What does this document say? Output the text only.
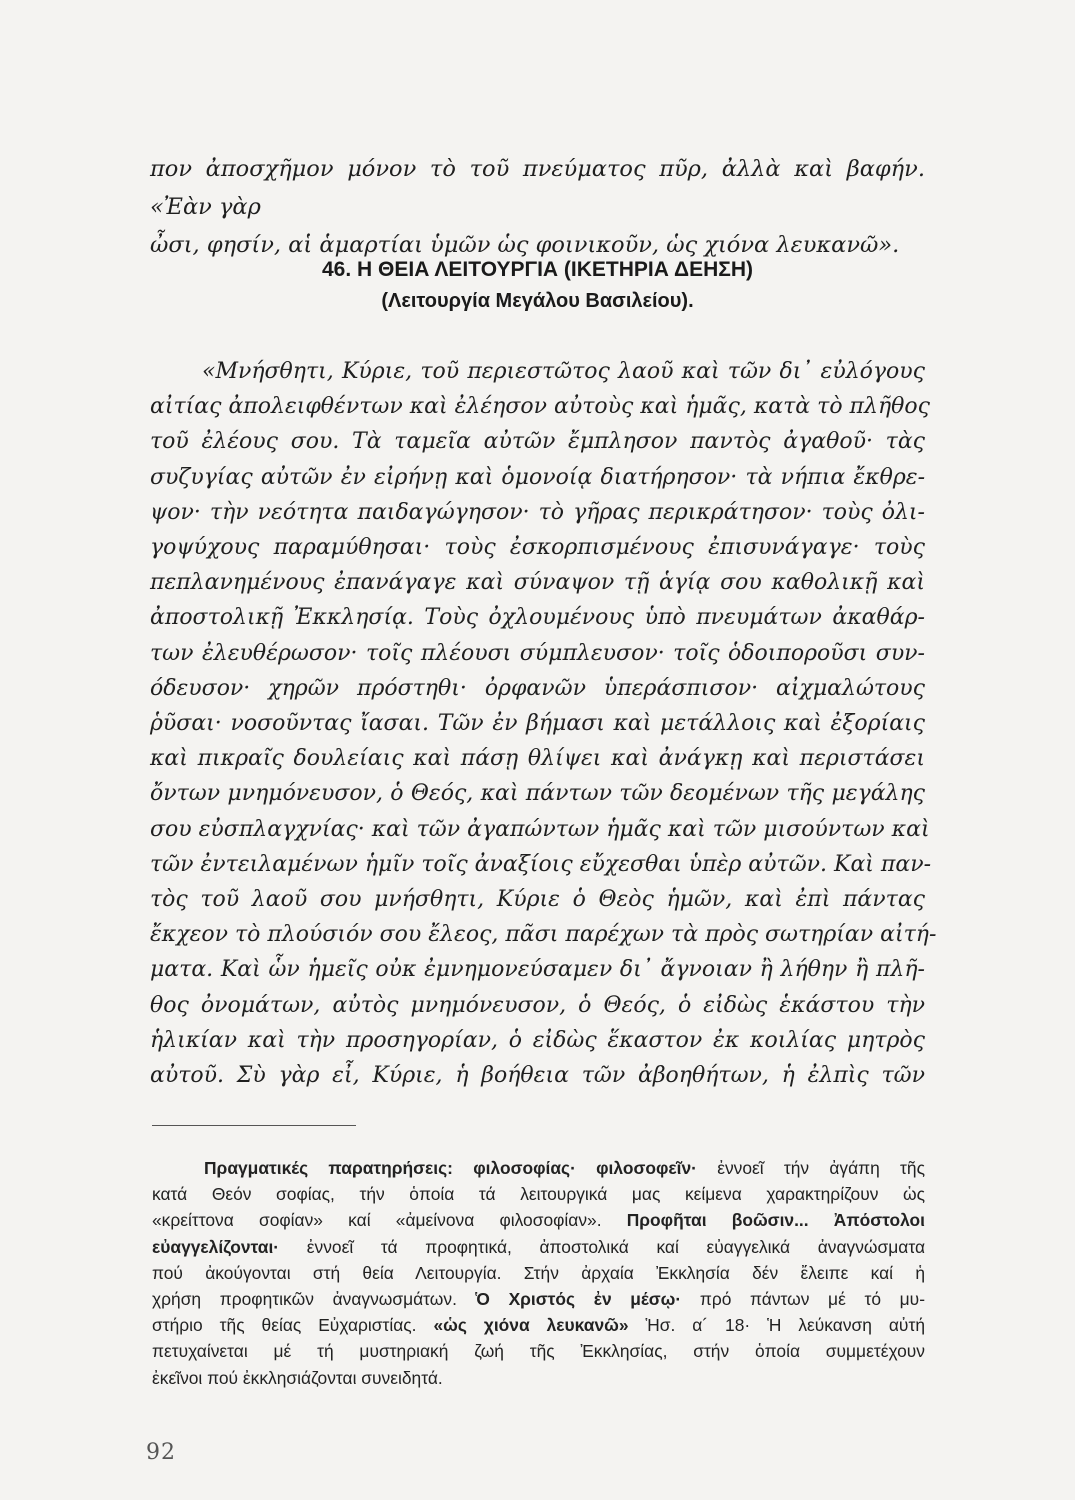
πον ἀποσχῆμον μόνον τὸ τοῦ πνεύματος πῦρ, ἀλλὰ καὶ βαφήν. «Ἐὰν γὰρ
ὦσι, φησίν, αἱ ἁμαρτίαι ὑμῶν ὡς φοινικοῦν, ὡς χιόνα λευκανῶ».
46. Η ΘΕΙΑ ΛΕΙΤΟΥΡΓΙΑ (ΙΚΕΤΗΡΙΑ ΔΕΗΣΗ)
(Λειτουργία Μεγάλου Βασιλείου).
«Μνήσθητι, Κύριε, τοῦ περιεστῶτος λαοῦ καὶ τῶν δι᾿ εὐλόγους
αἰτίας ἀπολειφθέντων καὶ ἐλέησον αὐτοὺς καὶ ἡμᾶς, κατὰ τὸ πλῆθος
τοῦ ἐλέους σου. Τὰ ταμεῖα αὐτῶν ἔμπλησον παντὸς ἀγαθοῦ· τὰς
συζυγίας αὐτῶν ἐν εἰρήνῃ καὶ ὁμονοίᾳ διατήρησον· τὰ νήπια ἔκθρε-
ψον· τὴν νεότητα παιδαγώγησον· τὸ γῆρας περικράτησον· τοὺς ὀλι-
γοψύχους παραμύθησαι· τοὺς ἐσκορπισμένους ἐπισυνάγαγε· τοὺς
πεπλανημένους ἐπανάγαγε καὶ σύναψον τῇ ἁγίᾳ σου καθολικῇ καὶ
ἀποστολικῇ Ἐκκλησίᾳ. Τοὺς ὀχλουμένους ὑπὸ πνευμάτων ἀκαθάρ-
των ἐλευθέρωσον· τοῖς πλέουσι σύμπλευσον· τοῖς ὁδοιποροῦσι συν-
όδευσον· χηρῶν πρόστηθι· ὀρφανῶν ὑπεράσπισον· αἰχμαλώτους
ῥῦσαι· νοσοῦντας ἴασαι. Τῶν ἐν βήμασι καὶ μετάλλοις καὶ ἐξορίαις
καὶ πικραῖς δουλείαις καὶ πάσῃ θλίψει καὶ ἀνάγκῃ καὶ περιστάσει
ὄντων μνημόνευσον, ὁ Θεός, καὶ πάντων τῶν δεομένων τῆς μεγάλης
σου εὐσπλαγχνίας· καὶ τῶν ἀγαπώντων ἡμᾶς καὶ τῶν μισούντων καὶ
τῶν ἐντειλαμένων ἡμῖν τοῖς ἀναξίοις εὔχεσθαι ὑπὲρ αὐτῶν. Καὶ παν-
τὸς τοῦ λαοῦ σου μνήσθητι, Κύριε ὁ Θεὸς ἡμῶν, καὶ ἐπὶ πάντας
ἔκχεον τὸ πλούσιόν σου ἔλεος, πᾶσι παρέχων τὰ πρὸς σωτηρίαν αἰτή-
ματα. Καὶ ὧν ἡμεῖς οὐκ ἐμνημονεύσαμεν δι᾿ ἄγνοιαν ἢ λήθην ἢ πλῆ-
θος ὀνομάτων, αὐτὸς μνημόνευσον, ὁ Θεός, ὁ εἰδὼς ἑκάστου τὴν
ἡλικίαν καὶ τὴν προσηγορίαν, ὁ εἰδὼς ἕκαστον ἐκ κοιλίας μητρὸς
αὐτοῦ. Σὺ γὰρ εἶ, Κύριε, ἡ βοήθεια τῶν ἀβοηθήτων, ἡ ἐλπὶς τῶν
Πραγματικές παρατηρήσεις: φιλοσοφίας· φιλοσοφεῖν· ἐννοεῖ τήν ἀγάπη τῆς
κατά Θεόν σοφίας, τήν ὁποία τά λειτουργικά μας κείμενα χαρακτηρίζουν ὡς
«κρείττονα σοφίαν» καί «ἀμείνονα φιλοσοφίαν». Προφῆται βοῶσιν... Ἀπόστολοι
εὐαγγελίζονται· ἐννοεῖ τά προφητικά, ἀποστολικά καί εὐαγγελικά ἀναγνώσματα
πού ἀκούγονται στή θεία Λειτουργία. Στήν ἀρχαία Ἐκκλησία δέν ἔλειπε καί ἡ
χρήση προφητικῶν ἀναγνωσμάτων. Ὁ Χριστός ἐν μέσῳ· πρό πάντων μέ τό μυ-
στήριο τῆς θείας Εὐχαριστίας. «ὡς χιόνα λευκανῶ» Ἡσ. α´ 18· Ἡ λεύκανση αὐτή
πετυχαίνεται μέ τή μυστηριακή ζωή τῆς Ἐκκλησίας, στήν ὁποία συμμετέχουν
ἐκεῖνοι πού ἐκκλησιάζονται συνειδητά.
92
